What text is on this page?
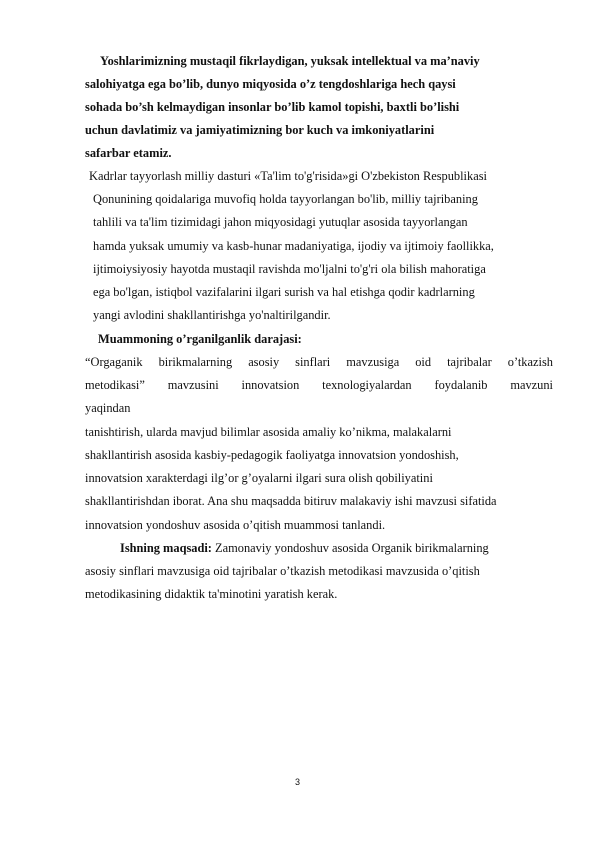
Yoshlarimizning mustaqil fikrlaydigan, yuksak intellektual va ma’naviy
salohiyatga ega bo’lib, dunyo miqyosida o’z tengdoshlariga hech qaysi
sohada bo’sh kelmaydigan insonlar bo’lib kamol topishi, baxtli bo’lishi
uchun davlatimiz va jamiyatimizning bor kuch va imkoniyatlarini
safarbar etamiz.
Kadrlar tayyorlash milliy dasturi «Ta'lim to'g'risida»gi O'zbekiston Respublikasi
Qonunining qoidalariga muvofiq holda tayyorlangan bo'lib, milliy tajribaning
tahlili va ta'lim tizimidagi jahon miqyosidagi yutuqlar asosida tayyorlangan
hamda yuksak umumiy va kasb-hunar madaniyatiga, ijodiy va ijtimoiy faollikka,
ijtimoiysiyosiy hayotda mustaqil ravishda mo'ljalni to'g'ri ola bilish mahoratiga
ega bo'lgan, istiqbol vazifalarini ilgari surish va hal etishga qodir kadrlarning
yangi avlodini shakllantirishga yo'naltirilgandir.
Muammoning o’rganilganlik darajasi:
“Orgaganik birikmalarning asosiy sinflari mavzusiga oid tajribalar o’tkazish
metodikasi” mavzusini innovatsion texnologiyalardan foydalanib mavzuni
yaqindan
tanishtirish, ularda mavjud bilimlar asosida amaliy ko’nikma, malakalarni
shakllantirish asosida kasbiy-pedagogik faoliyatga innovatsion yondoshish,
innovatsion xarakterdagi ilg’or g’oyalarni ilgari sura olish qobiliyatini
shakllantirishdan iborat. Ana shu maqsadda bitiruv malakaviy ishi mavzusi sifatida
innovatsion yondoshuv asosida o’qitish muammosi tanlandi.
Ishning maqsadi: Zamonaviy yondoshuv asosida Organik birikmalarning
asosiy sinflari mavzusiga oid tajribalar o’tkazish metodikasi mavzusida o’qitish
metodikasining didaktik ta'minotini yaratish kerak.
3
